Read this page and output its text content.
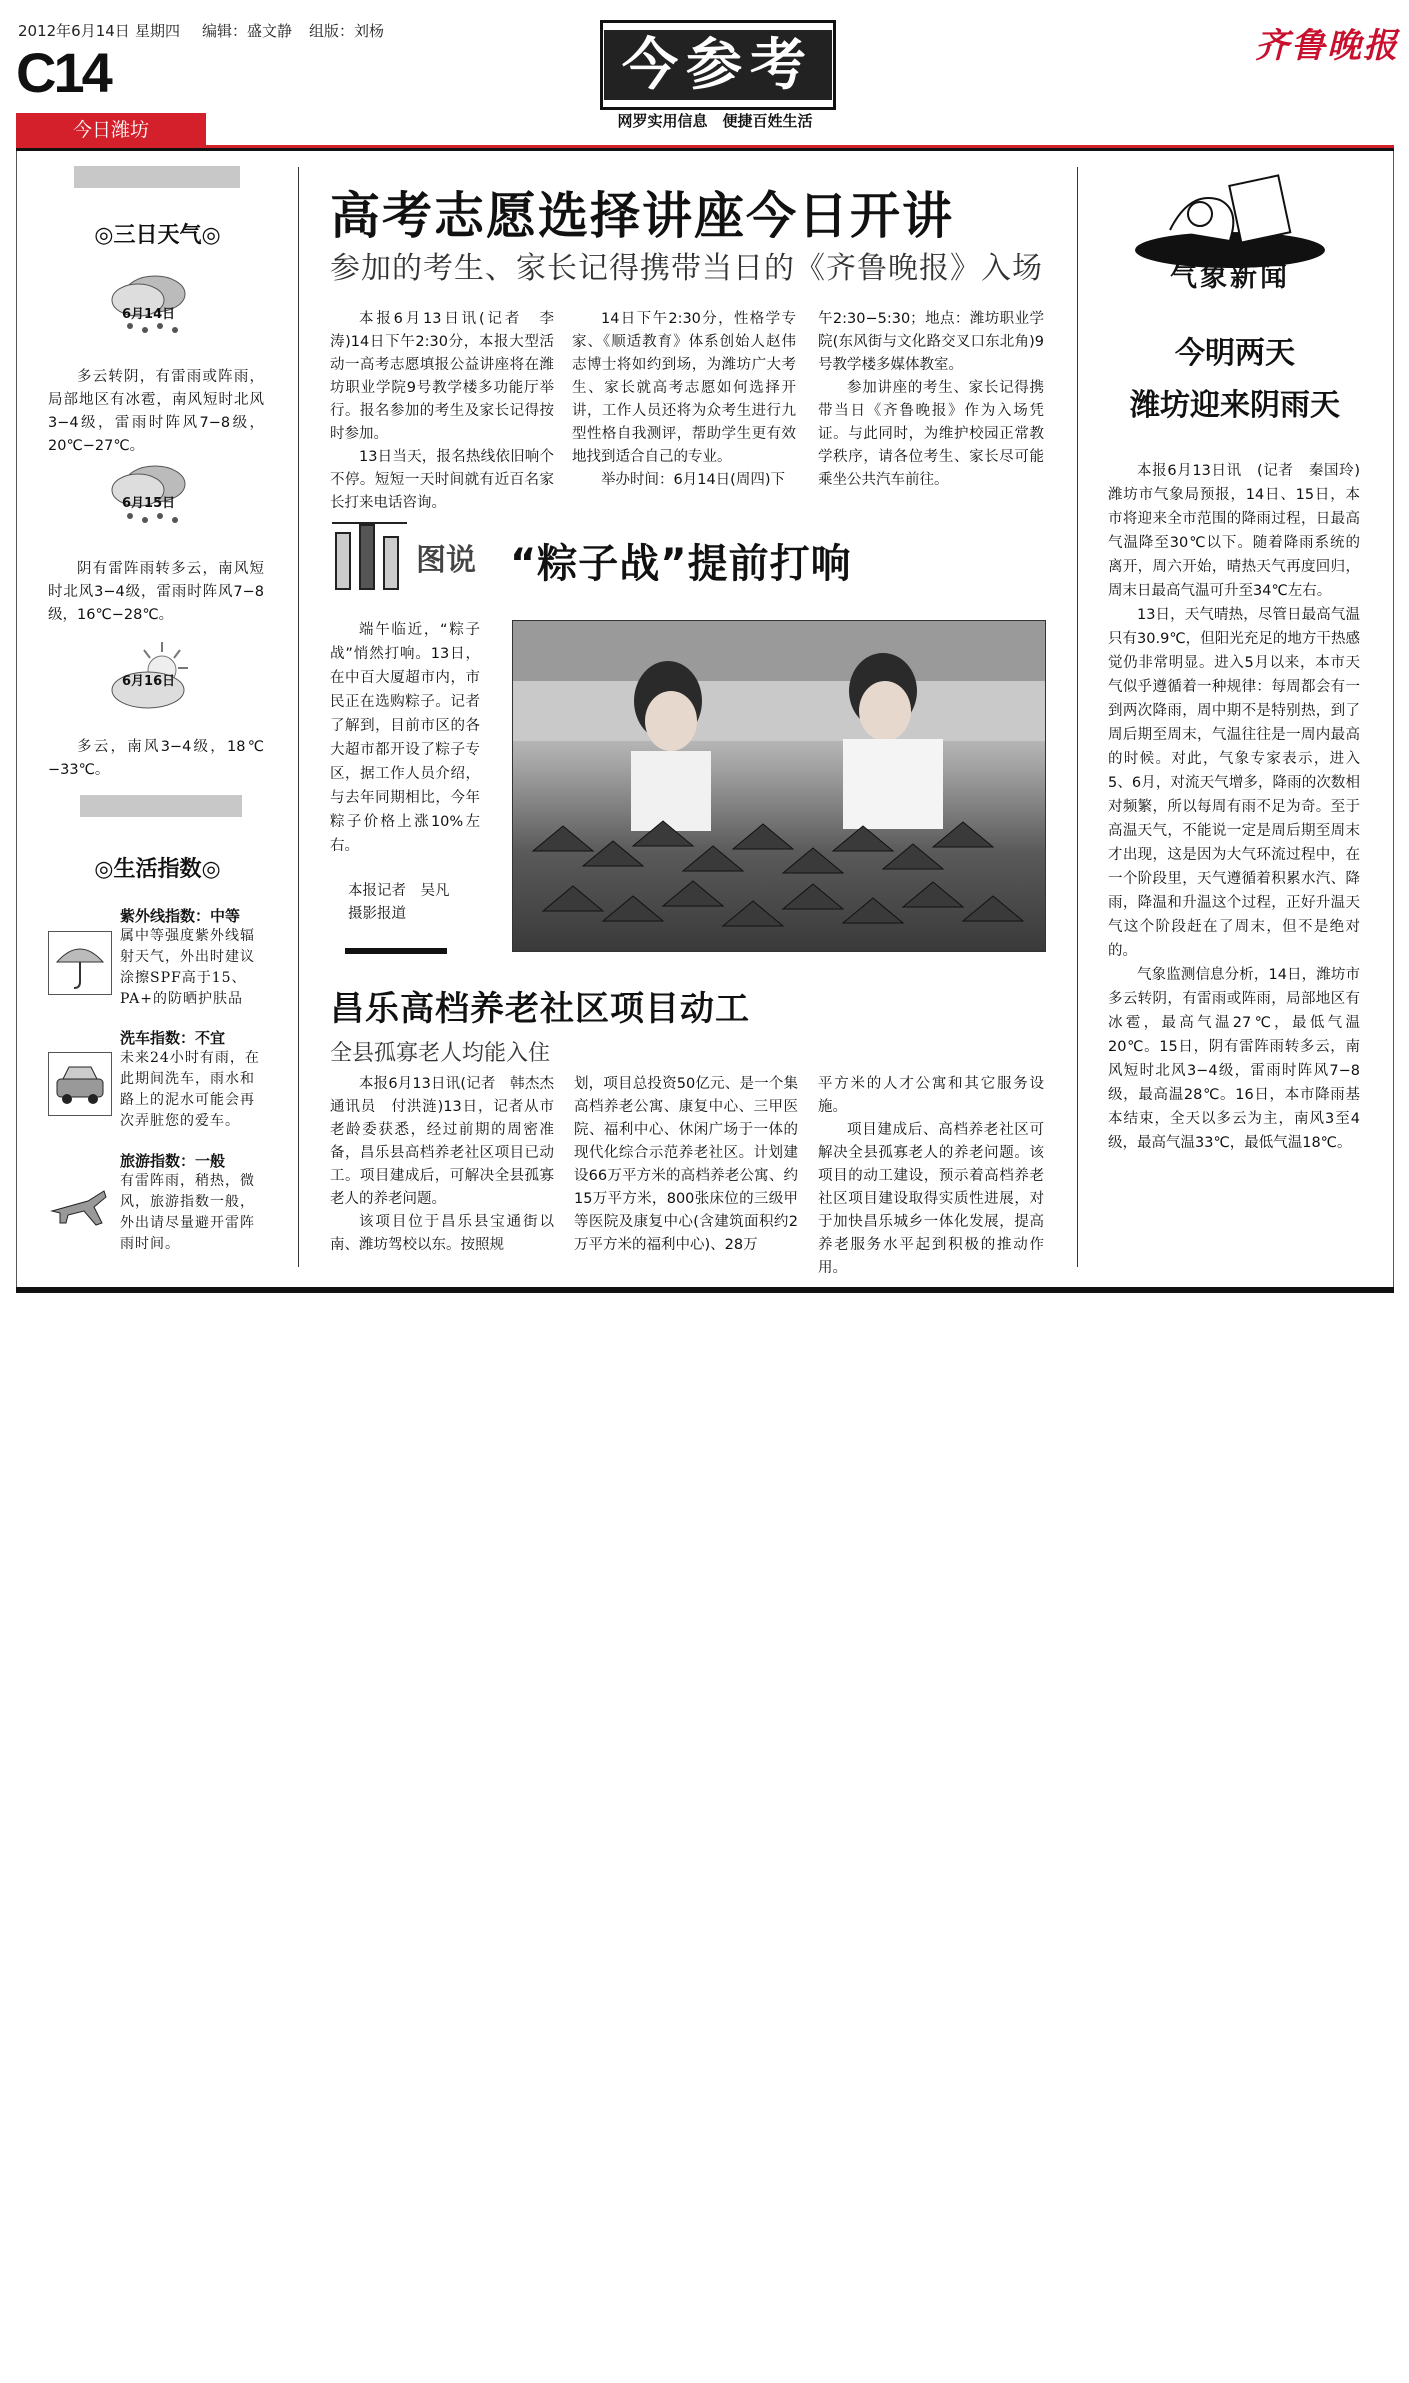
2012年6月14日 星期四 编辑：盛文静 组版：刘杨
C14
今日潍坊
今参考
网罗实用信息　便捷百姓生活
齐鲁晚报
◎三日天气◎
6月14日

多云转阴，有雷雨或阵雨，局部地区有冰雹，南风短时北风3−4级，雷雨时阵风7−8级，20℃−27℃。

6月15日

阴有雷阵雨转多云，南风短时北风3−4级，雷雨时阵风7−8级，16℃−28℃。

6月16日

多云，南风3−4级，18℃−33℃。

◎生活指数◎
紫外线指数：中等
属中等强度紫外线辐射天气，外出时建议涂擦SPF高于15、PA+的防晒护肤品
洗车指数：不宜
未来24小时有雨，在此期间洗车，雨水和路上的泥水可能会再次弄脏您的爱车。
旅游指数：一般
有雷阵雨，稍热，微风，旅游指数一般，外出请尽量避开雷阵雨时间。
高考志愿选择讲座今日开讲
参加的考生、家长记得携带当日的《齐鲁晚报》入场

本报6月13日讯(记者　李涛)14日下午2:30分，本报大型活动一高考志愿填报公益讲座将在潍坊职业学院9号教学楼多功能厅举行。报名参加的考生及家长记得按时参加。

13日当天，报名热线依旧响个不停。短短一天时间就有近百名家长打来电话咨询。

14日下午2:30分，性格学专家、《顺适教育》体系创始人赵伟志博士将如约到场，为潍坊广大考生、家长就高考志愿如何选择开讲，工作人员还将为众考生进行九型性格自我测评，帮助学生更有效地找到适合自己的专业。

举办时间：6月14日(周四)下

午2:30−5:30；地点：潍坊职业学院(东风街与文化路交叉口东北角)9号教学楼多媒体教室。

参加讲座的考生、家长记得携带当日《齐鲁晚报》作为入场凭证。与此同时，为维护校园正常教学秩序，请各位考生、家长尽可能乘坐公共汽车前往。

图说 “粽子战”提前打响

端午临近，“粽子战”悄然打响。13日，在中百大厦超市内，市民正在选购粽子。记者了解到，目前市区的各大超市都开设了粽子专区，据工作人员介绍，与去年同期相比，今年粽子价格上涨10%左右。

本报记者　吴凡
摄影报道
昌乐高档养老社区项目动工
全县孤寡老人均能入住

本报6月13日讯(记者　韩杰杰　通讯员　付洪涟)13日，记者从市老龄委获悉，经过前期的周密准备，昌乐县高档养老社区项目已动工。项目建成后，可解决全县孤寡老人的养老问题。

该项目位于昌乐县宝通街以南、潍坊驾校以东。按照规

划，项目总投资50亿元、是一个集高档养老公寓、康复中心、三甲医院、福利中心、休闲广场于一体的现代化综合示范养老社区。计划建设66万平方米的高档养老公寓、约15万平方米，800张床位的三级甲等医院及康复中心(含建筑面积约2万平方米的福利中心)、28万

平方米的人才公寓和其它服务设施。

项目建成后、高档养老社区可解决全县孤寡老人的养老问题。该项目的动工建设，预示着高档养老社区项目建设取得实质性进展，对于加快昌乐城乡一体化发展，提高养老服务水平起到积极的推动作用。

气象新闻
今明两天
潍坊迎来阴雨天

本报6月13日讯　(记者　秦国玲)潍坊市气象局预报，14日、15日，本市将迎来全市范围的降雨过程，日最高气温降至30℃以下。随着降雨系统的离开，周六开始，晴热天气再度回归，周末日最高气温可升至34℃左右。

13日，天气晴热，尽管日最高气温只有30.9℃，但阳光充足的地方干热感觉仍非常明显。进入5月以来，本市天气似乎遵循着一种规律：每周都会有一到两次降雨，周中期不是特别热，到了周后期至周末，气温往往是一周内最高的时候。对此，气象专家表示，进入5、6月，对流天气增多，降雨的次数相对频繁，所以每周有雨不足为奇。至于高温天气，不能说一定是周后期至周末才出现，这是因为大气环流过程中，在一个阶段里，天气遵循着积累水汽、降雨，降温和升温这个过程，正好升温天气这个阶段赶在了周末，但不是绝对的。

气象监测信息分析，14日，潍坊市多云转阴，有雷雨或阵雨，局部地区有冰雹，最高气温27℃，最低气温20℃。15日，阴有雷阵雨转多云，南风短时北风3−4级，雷雨时阵风7−8级，最高温28℃。16日，本市降雨基本结束，全天以多云为主，南风3至4级，最高气温33℃，最低气温18℃。
